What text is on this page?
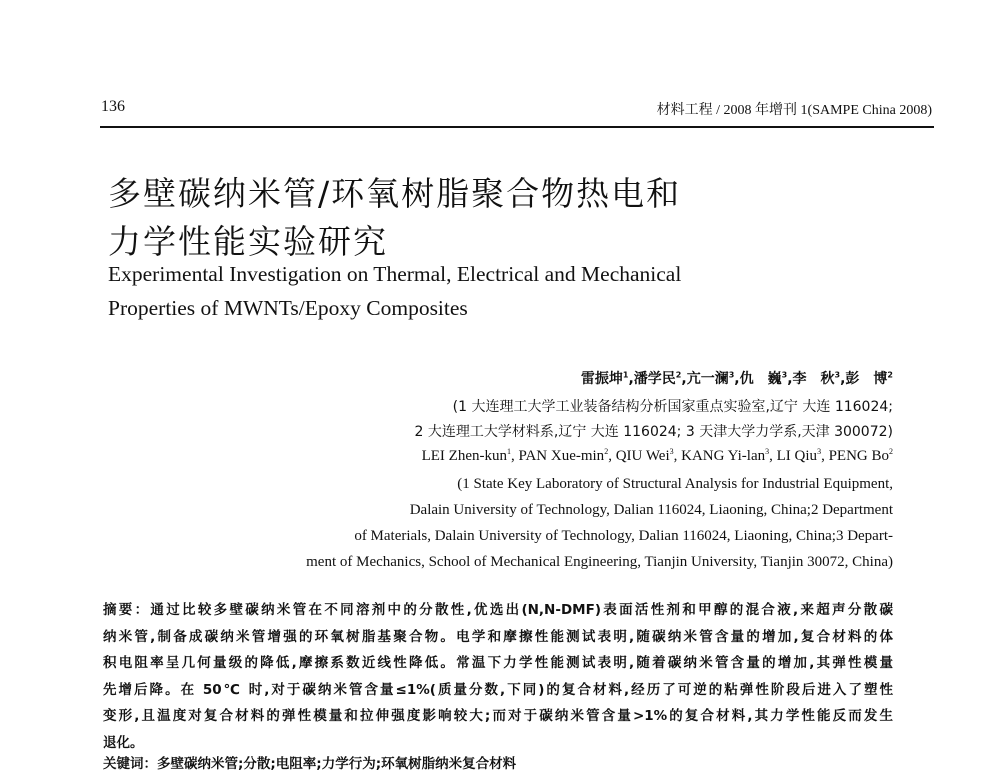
136	材料工程 / 2008 年增刊 1(SAMPE China 2008)
多壁碳纳米管/环氧树脂聚合物热电和
力学性能实验研究
Experimental Investigation on Thermal, Electrical and Mechanical
Properties of MWNTs/Epoxy Composites
雷振坤$^1$,潘学民$^2$,亢一澜$^3$,仇　巍$^3$,李　秋$^3$,彭　博$^2$
(1 大连理工大学工业装备结构分析国家重点实验室,辽宁 大连 116024;
2 大连理工大学材料系,辽宁 大连 116024; 3 天津大学力学系,天津 300072)
LEI Zhen-kun$^1$, PAN Xue-$\min^2$, QIU Wei$^3$, KANG Yi-lan$^3$, LI Qiu$^3$, PENG Bo$^2$
(1 State Key Laboratory of Structural Analysis for Industrial Equipment,
Dalain University of Technology, Dalian 116024, Liaoning, China;2 Department
of Materials, Dalain University of Technology, Dalian 116024, Liaoning, China;3 Depart-
ment of Mechanics, School of Mechanical Engineering, Tianjin University, Tianjin 30072, China)
摘要：通过比较多壁碳纳米管在不同溶剂中的分散性,优选出(N,N-DMF)表面活性剂和甲醇的混合液,来超声分散碳
纳米管,制备成碳纳米管增强的环氧树脂基聚合物。电学和摩擦性能测试表明,随碳纳米管含量的增加,复合材料的体
积电阻率呈几何量级的降低,摩擦系数近线性降低。常温下力学性能测试表明,随着碳纳米管含量的增加,其弹性模量
先增后降。在 50℃ 时,对于碳纳米管含量≤1%(质量分数,下同)的复合材料,经历了可逆的粘弹性阶段后进入了塑性
变形,且温度对复合材料的弹性模量和拉伸强度影响较大;而对于碳纳米管含量>1%的复合材料,其力学性能反而发生
退化。
关键词：多壁碳纳米管;分散;电阻率;力学行为;环氧树脂纳米复合材料
